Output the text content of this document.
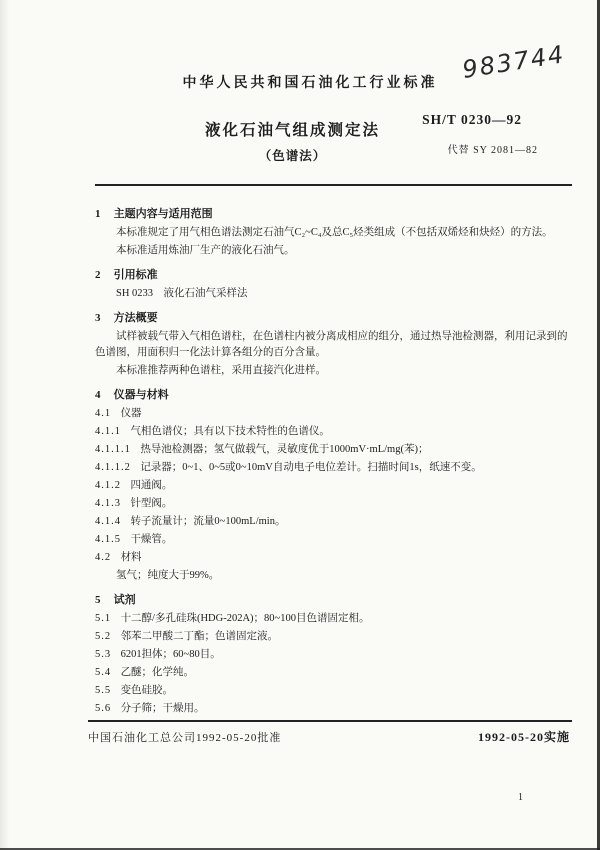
983744
中华人民共和国石油化工行业标准
SH/T 0230—92
液化石油气组成测定法
（色谱法）	代替 SY 2081—82
1 主题内容与适用范围
本标准规定了用气相色谱法测定石油气C₂~C₄及总C₅烃类组成（不包括双烯烃和炔烃）的方法。
本标准适用炼油厂生产的液化石油气。
2 引用标准
SH 0233　液化石油气采样法
3 方法概要
试样被载气带入气相色谱柱，在色谱柱内被分离成相应的组分，通过热导池检测器，利用记录到的色谱图，用面积归一化法计算各组分的百分含量。
本标准推荐两种色谱柱，采用直接汽化进样。
4 仪器与材料
4.1 仪器
4.1.1 气相色谱仪；具有以下技术特性的色谱仪。
4.1.1.1 热导池检测器；氢气做载气，灵敏度优于1000mV·mL/mg(苯)；
4.1.1.2 记录器；0~1、0~5或0~10mV自动电子电位差计。扫描时间1s，纸速不变。
4.1.2 四通阀。
4.1.3 针型阀。
4.1.4 转子流量计；流量0~100mL/min。
4.1.5 干燥管。
4.2 材料
氢气；纯度大于99%。
5 试剂
5.1 十二醇/多孔硅珠(HDG-202A)；80~100目色谱固定相。
5.2 邻苯二甲酸二丁酯；色谱固定液。
5.3 6201担体；60~80目。
5.4 乙醚；化学纯。
5.5 变色硅胶。
5.6 分子筛；干燥用。
中国石油化工总公司1992-05-20批准	1992-05-20实施
1
